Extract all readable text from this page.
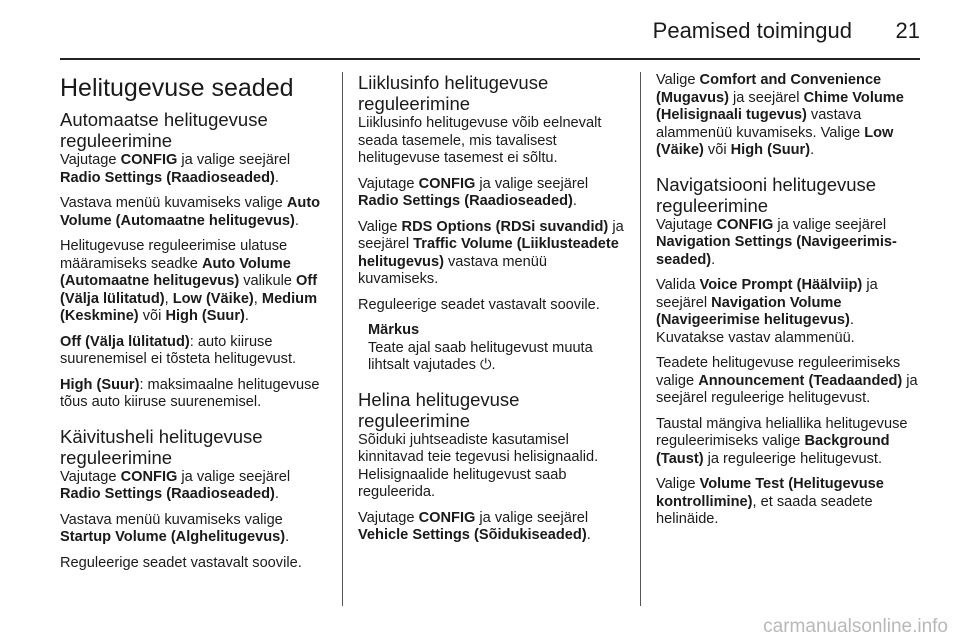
Peamised toimingud 21
Helitugevuse seaded
Automaatse helitugevuse reguleerimine

Vajutage CONFIG ja valige seejärel Radio Settings (Raadioseaded).

Vastava menüü kuvamiseks valige Auto Volume (Automaatne helitugevus).

Helitugevuse reguleerimise ulatuse määramiseks seadke Auto Volume (Automaatne helitugevus) valikule Off (Välja lülitatud), Low (Väike), Medium (Keskmine) või High (Suur).

Off (Välja lülitatud): auto kiiruse suurenemisel ei tõsteta helitugevust.

High (Suur): maksimaalne helitugevuse tõus auto kiiruse suurenemisel.

Käivitusheli helitugevuse reguleerimine

Vajutage CONFIG ja valige seejärel Radio Settings (Raadioseaded).

Vastava menüü kuvamiseks valige Startup Volume (Alghelitugevus).

Reguleerige seadet vastavalt soovile.

Liiklusinfo helitugevuse reguleerimine

Liiklusinfo helitugevuse võib eelnevalt seada tasemele, mis tavalisest helitugevuse tasemest ei sõltu.

Vajutage CONFIG ja valige seejärel Radio Settings (Raadioseaded).

Valige RDS Options (RDSi suvandid) ja seejärel Traffic Volume (Liiklusteadete helitugevus) vastava menüü kuvamiseks.

Reguleerige seadet vastavalt soovile.

Märkus
Teate ajal saab helitugevust muuta lihtsalt vajutades ⏻.
Helina helitugevuse reguleerimine

Sõiduki juhtseadiste kasutamisel kinnitavad teie tegevusi helisignaalid. Helisignaalide helitugevust saab reguleerida.

Vajutage CONFIG ja valige seejärel Vehicle Settings (Sõidukiseaded).

Valige Comfort and Convenience (Mugavus) ja seejärel Chime Volume (Helisignaali tugevus) vastava alammenüü kuvamiseks. Valige Low (Väike) või High (Suur).

Navigatsiooni helitugevuse reguleerimine

Vajutage CONFIG ja valige seejärel Navigation Settings (Navigeerimis-seaded).

Valida Voice Prompt (Häälviip) ja seejärel Navigation Volume (Navigeerimise helitugevus). Kuvatakse vastav alammenüü.

Teadete helitugevuse reguleerimiseks valige Announcement (Teadaanded) ja seejärel reguleerige helitugevust.

Taustal mängiva heliallika helitugevuse reguleerimiseks valige Background (Taust) ja reguleerige helitugevust.

Valige Volume Test (Helitugevuse kontrollimine), et saada seadete helinäide.

carmanualsonline.info
